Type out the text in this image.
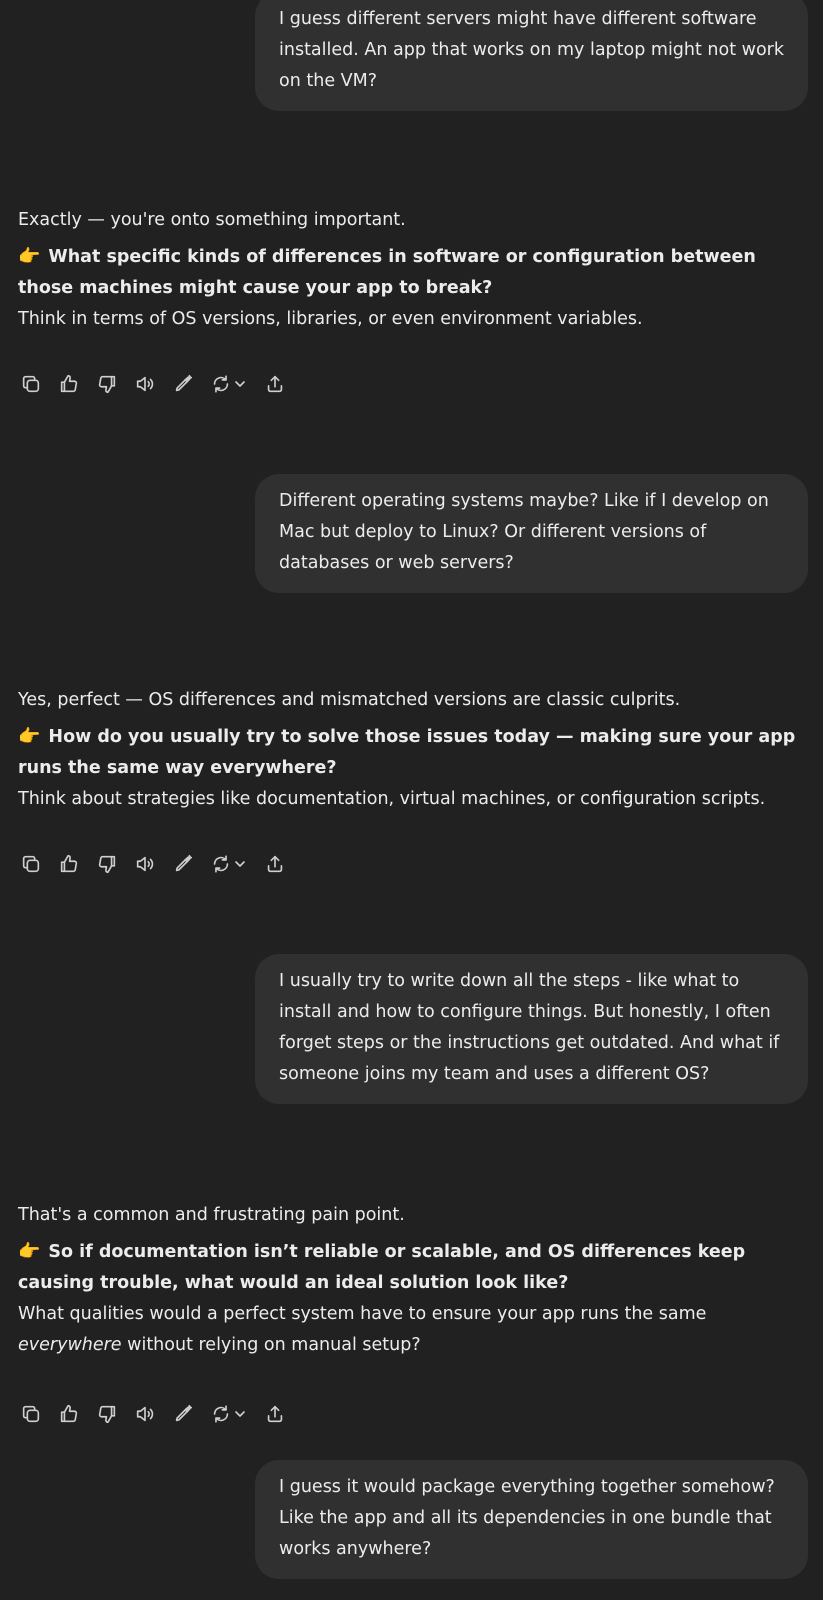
I guess different servers might have different software installed. An app that works on my laptop might not work on the VM?

Exactly — you're onto something important.

👉 What specific kinds of differences in software or configuration between those machines might cause your app to break?

Think in terms of OS versions, libraries, or even environment variables.

Different operating systems maybe? Like if I develop on Mac but deploy to Linux? Or different versions of databases or web servers?

Yes, perfect — OS differences and mismatched versions are classic culprits.

👉 How do you usually try to solve those issues today — making sure your app runs the same way everywhere?

Think about strategies like documentation, virtual machines, or configuration scripts.

I usually try to write down all the steps - like what to install and how to configure things. But honestly, I often forget steps or the instructions get outdated. And what if someone joins my team and uses a different OS?

That's a common and frustrating pain point.

👉 So if documentation isn’t reliable or scalable, and OS differences keep causing trouble, what would an ideal solution look like?

What qualities would a perfect system have to ensure your app runs the same everywhere without relying on manual setup?

I guess it would package everything together somehow? Like the app and all its dependencies in one bundle that works anywhere?
